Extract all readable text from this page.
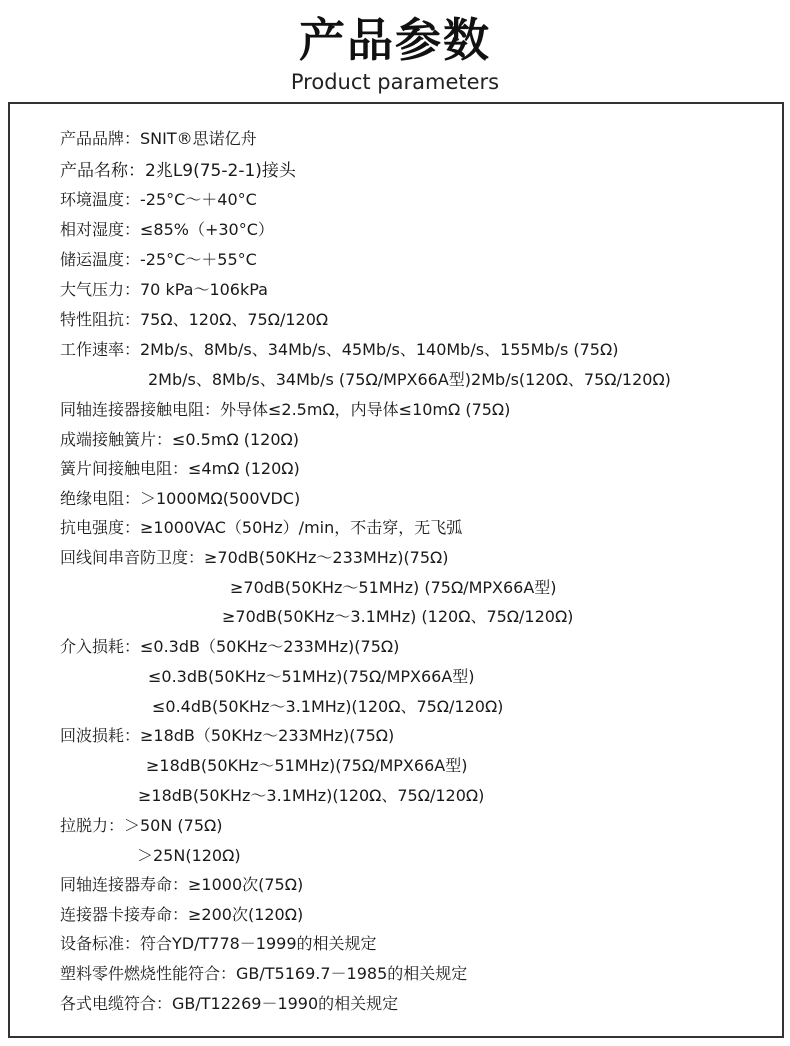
产品参数
Product parameters
产品品牌：SNIT®思诺亿舟
产品名称：2兆L9(75-2-1)接头
环境温度：-25°C～＋40°C
相对湿度：≤85%（+30°C）
储运温度：-25°C～＋55°C
大气压力：70 kPa～106kPa
特性阻抗：75Ω、120Ω、75Ω/120Ω
工作速率：2Mb/s、8Mb/s、34Mb/s、45Mb/s、140Mb/s、155Mb/s (75Ω)
2Mb/s、8Mb/s、34Mb/s (75Ω/MPX66A型)2Mb/s(120Ω、75Ω/120Ω)
同轴连接器接触电阻：外导体≤2.5mΩ，内导体≤10mΩ (75Ω)
成端接触簧片：≤0.5mΩ (120Ω)
簧片间接触电阻：≤4mΩ (120Ω)
绝缘电阻：＞1000MΩ(500VDC)
抗电强度：≥1000VAC（50Hz）/min，不击穿，无飞弧
回线间串音防卫度：≥70dB(50KHz～233MHz)(75Ω)
≥70dB(50KHz～51MHz) (75Ω/MPX66A型)
≥70dB(50KHz～3.1MHz) (120Ω、75Ω/120Ω)
介入损耗：≤0.3dB（50KHz～233MHz)(75Ω)
≤0.3dB(50KHz～51MHz)(75Ω/MPX66A型)
≤0.4dB(50KHz～3.1MHz)(120Ω、75Ω/120Ω)
回波损耗：≥18dB（50KHz～233MHz)(75Ω)
≥18dB(50KHz～51MHz)(75Ω/MPX66A型)
≥18dB(50KHz～3.1MHz)(120Ω、75Ω/120Ω)
拉脱力：＞50N (75Ω)
＞25N(120Ω)
同轴连接器寿命：≥1000次(75Ω)
连接器卡接寿命：≥200次(120Ω)
设备标准：符合YD/T778－1999的相关规定
塑料零件燃烧性能符合：GB/T5169.7－1985的相关规定
各式电缆符合：GB/T12269－1990的相关规定
